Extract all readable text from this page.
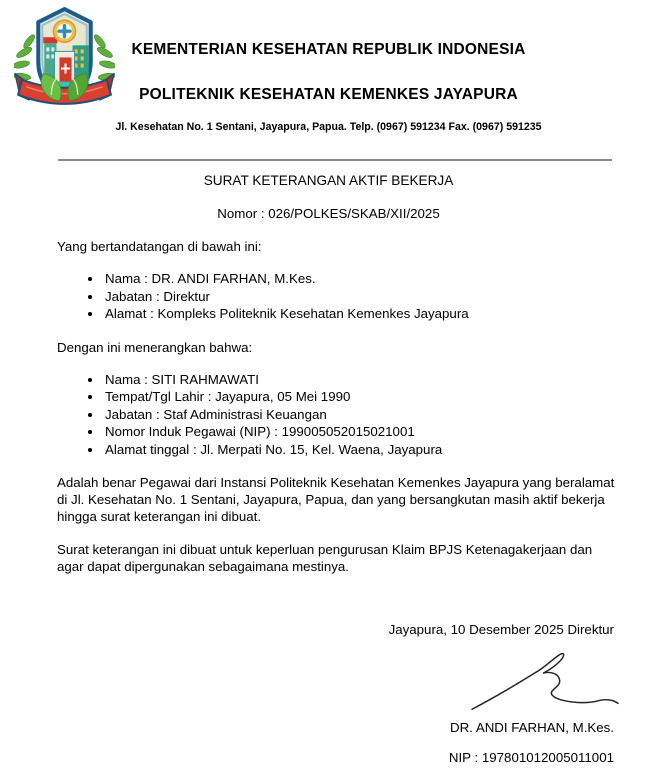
KEMENTERIAN KESEHATAN REPUBLIK INDONESIA
POLITEKNIK KESEHATAN KEMENKES JAYAPURA
Jl. Kesehatan No. 1 Sentani, Jayapura, Papua. Telp. (0967) 591234 Fax. (0967) 591235
SURAT KETERANGAN AKTIF BEKERJA
Nomor : 026/POLKES/SKAB/XII/2025

Yang bertandatangan di bawah ini:

• Nama : DR. ANDI FARHAN, M.Kes.
• Jabatan : Direktur
• Alamat : Kompleks Politeknik Kesehatan Kemenkes Jayapura

Dengan ini menerangkan bahwa:

• Nama : SITI RAHMAWATI
• Tempat/Tgl Lahir : Jayapura, 05 Mei 1990
• Jabatan : Staf Administrasi Keuangan
• Nomor Induk Pegawai (NIP) : 199005052015021001
• Alamat tinggal : Jl. Merpati No. 15, Kel. Waena, Jayapura

Adalah benar Pegawai dari Instansi Politeknik Kesehatan Kemenkes Jayapura yang beralamat di Jl. Kesehatan No. 1 Sentani, Jayapura, Papua, dan yang bersangkutan masih aktif bekerja hingga surat keterangan ini dibuat.

Surat keterangan ini dibuat untuk keperluan pengurusan Klaim BPJS Ketenagakerjaan dan agar dapat dipergunakan sebagaimana mestinya.

Jayapura, 10 Desember 2025 Direktur
DR. ANDI FARHAN, M.Kes.
NIP : 197801012005011001
